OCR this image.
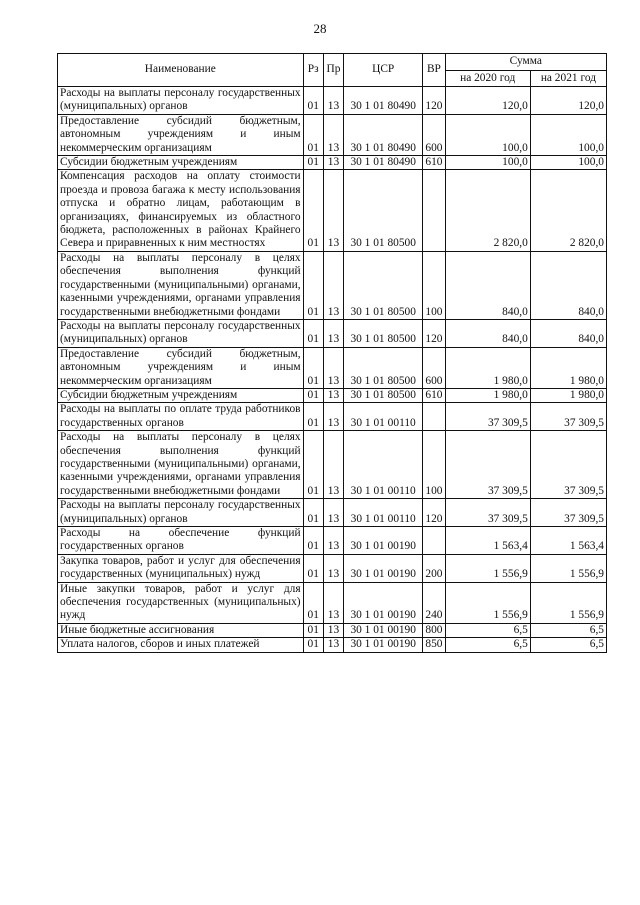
28
Наименование	Рз	Пр	ЦСР	ВР	Сумма	
					на 2020 год	на 2021 год
Расходы на выплаты персоналу государственных (муниципальных) органов	01	13	30 1 01 80490	120	120,0	120,0
Предоставление субсидий бюджетным, автономным учреждениям и иным некоммерческим организациям	01	13	30 1 01 80490	600	100,0	100,0
Субсидии бюджетным учреждениям	01	13	30 1 01 80490	610	100,0	100,0
Компенсация расходов на оплату стоимости проезда и провоза багажа к месту использования отпуска и обратно лицам, работающим в организациях, финансируемых из областного бюджета, расположенных в районах Крайнего Севера и приравненных к ним местностях	01	13	30 1 01 80500		2 820,0	2 820,0
Расходы на выплаты персоналу в целях обеспечения выполнения функций государственными (муниципальными) органами, казенными учреждениями, органами управления государственными внебюджетными фондами	01	13	30 1 01 80500	100	840,0	840,0
Расходы на выплаты персоналу государственных (муниципальных) органов	01	13	30 1 01 80500	120	840,0	840,0
Предоставление субсидий бюджетным, автономным учреждениям и иным некоммерческим организациям	01	13	30 1 01 80500	600	1 980,0	1 980,0
Субсидии бюджетным учреждениям	01	13	30 1 01 80500	610	1 980,0	1 980,0
Расходы на выплаты по оплате труда работников государственных органов	01	13	30 1 01 00110		37 309,5	37 309,5
Расходы на выплаты персоналу в целях обеспечения выполнения функций государственными (муниципальными) органами, казенными учреждениями, органами управления государственными внебюджетными фондами	01	13	30 1 01 00110	100	37 309,5	37 309,5
Расходы на выплаты персоналу государственных (муниципальных) органов	01	13	30 1 01 00110	120	37 309,5	37 309,5
Расходы на обеспечение функций государственных органов	01	13	30 1 01 00190		1 563,4	1 563,4
Закупка товаров, работ и услуг для обеспечения государственных (муниципальных) нужд	01	13	30 1 01 00190	200	1 556,9	1 556,9
Иные закупки товаров, работ и услуг для обеспечения государственных (муниципальных) нужд	01	13	30 1 01 00190	240	1 556,9	1 556,9
Иные бюджетные ассигнования	01	13	30 1 01 00190	800	6,5	6,5
Уплата налогов, сборов и иных платежей	01	13	30 1 01 00190	850	6,5	6,5
